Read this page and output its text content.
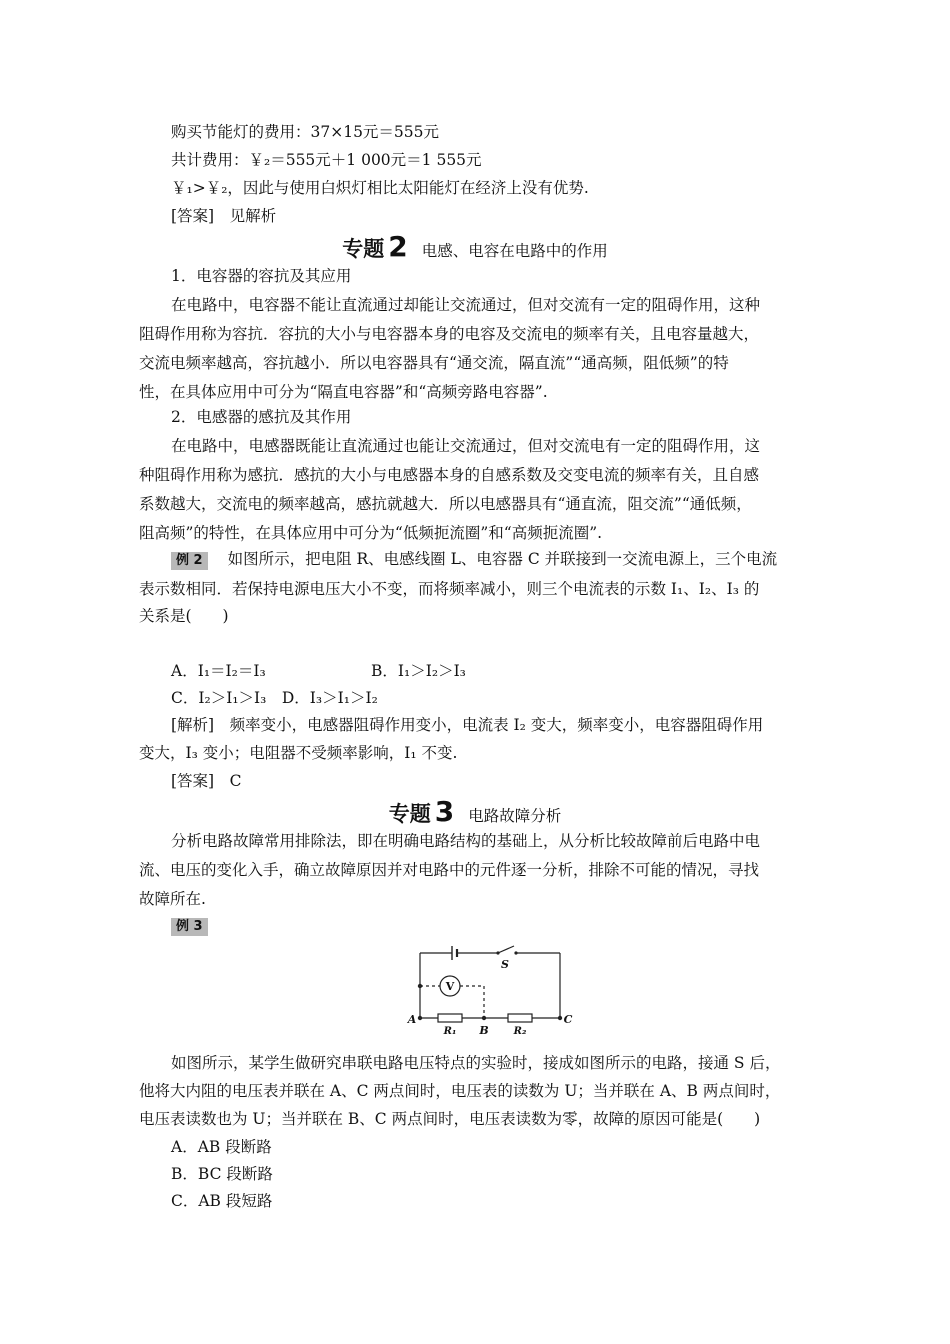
购买节能灯的费用：37×15元＝555元
共计费用：￥₂＝555元＋1 000元＝1 555元
￥₁>￥₂，因此与使用白炽灯相比太阳能灯在经济上没有优势.
[答案]　见解析
专题 2 电感、电容在电路中的作用
1．电容器的容抗及其应用
在电路中，电容器不能让直流通过却能让交流通过，但对交流有一定的阻碍作用，这种
阻碍作用称为容抗．容抗的大小与电容器本身的电容及交流电的频率有关，且电容量越大，
交流电频率越高，容抗越小．所以电容器具有“通交流，隔直流”“通高频，阻低频”的特
性，在具体应用中可分为“隔直电容器”和“高频旁路电容器”.
2．电感器的感抗及其作用
在电路中，电感器既能让直流通过也能让交流通过，但对交流电有一定的阻碍作用，这
种阻碍作用称为感抗．感抗的大小与电感器本身的自感系数及交变电流的频率有关，且自感
系数越大，交流电的频率越高，感抗就越大．所以电感器具有“通直流，阻交流”“通低频，
阻高频”的特性，在具体应用中可分为“低频扼流圈”和“高频扼流圈”.
例 2 如图所示，把电阻 R、电感线圈 L、电容器 C 并联接到一交流电源上，三个电流
表示数相同．若保持电源电压大小不变，而将频率减小，则三个电流表的示数 I₁、I₂、I₃ 的
关系是(　　)
A．I₁＝I₂＝I₃	B．I₁＞I₂＞I₃
C．I₂＞I₁＞I₃　D．I₃＞I₁＞I₂
[解析]　频率变小，电感器阻碍作用变小，电流表 I₂ 变大，频率变小，电容器阻碍作用
变大，I₃ 变小；电阻器不受频率影响，I₁ 不变.
[答案]　C
专题 3 电路故障分析
分析电路故障常用排除法，即在明确电路结构的基础上，从分析比较故障前后电路中电
流、电压的变化入手，确立故障原因并对电路中的元件逐一分析，排除不可能的情况，寻找
故障所在.
例 3
V
S
A
B
C
R₁	R₂
如图所示，某学生做研究串联电路电压特点的实验时，接成如图所示的电路，接通 S 后，
他将大内阻的电压表并联在 A、C 两点间时，电压表的读数为 U；当并联在 A、B 两点间时，
电压表读数也为 U；当并联在 B、C 两点间时，电压表读数为零，故障的原因可能是(　　)
A．AB 段断路
B．BC 段断路
C．AB 段短路
